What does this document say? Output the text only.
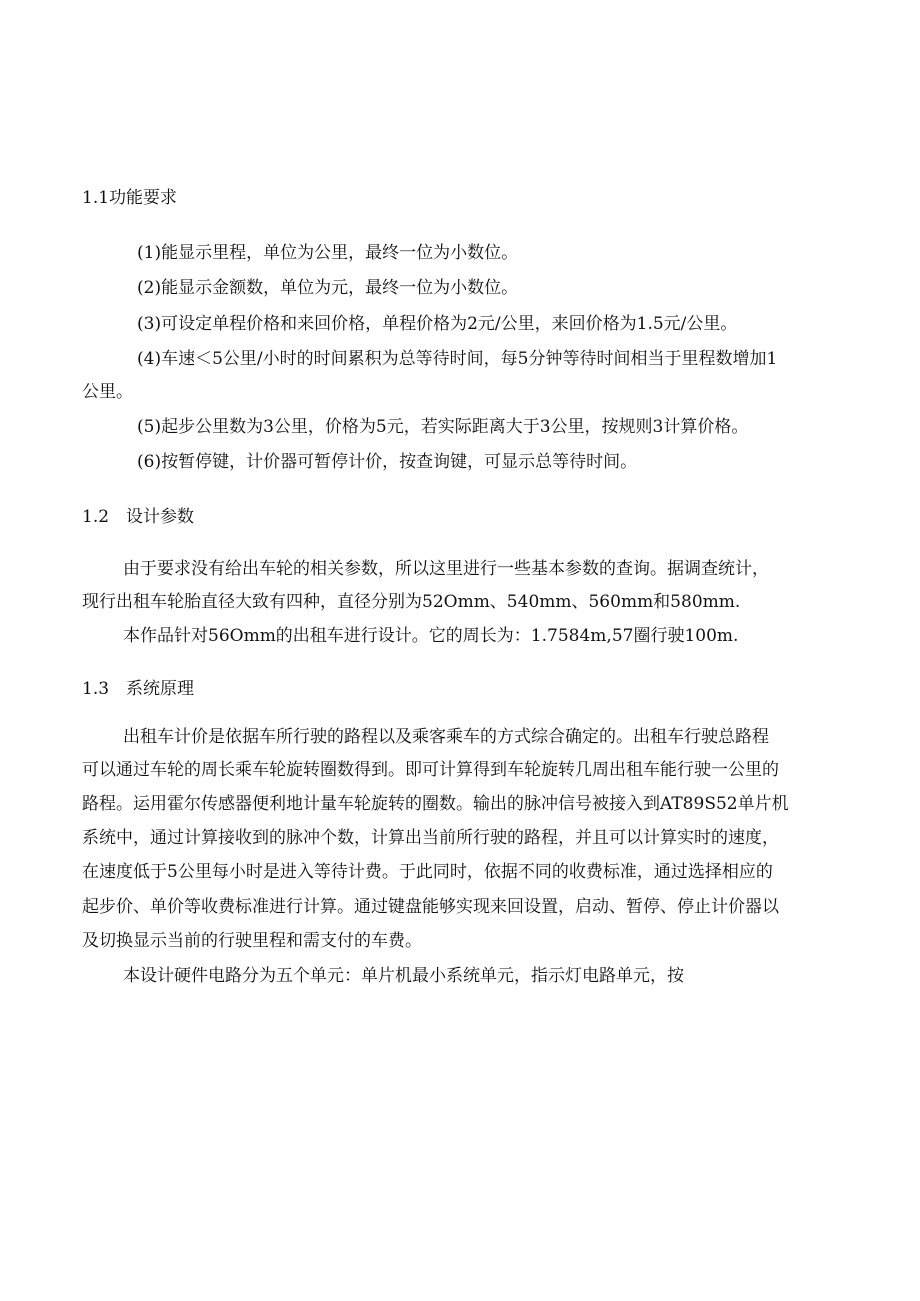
1.1功能要求
(1)能显示里程，单位为公里，最终一位为小数位。
(2)能显示金额数，单位为元，最终一位为小数位。
(3)可设定单程价格和来回价格，单程价格为2元/公里，来回价格为1.5元/公里。
(4)车速＜5公里/小时的时间累积为总等待时间，每5分钟等待时间相当于里程数增加1
公里。
(5)起步公里数为3公里，价格为5元，若实际距离大于3公里，按规则3计算价格。
(6)按暂停键，计价器可暂停计价，按查询键，可显示总等待时间。
1.2 设计参数
由于要求没有给出车轮的相关参数，所以这里进行一些基本参数的查询。据调查统计，
现行出租车轮胎直径大致有四种，直径分别为52Omm、540mm、560mm和580mm.
本作品针对56Omm的出租车进行设计。它的周长为：1.7584m,57圈行驶100m.
1.3 系统原理
出租车计价是依据车所行驶的路程以及乘客乘车的方式综合确定的。出租车行驶总路程
可以通过车轮的周长乘车轮旋转圈数得到。即可计算得到车轮旋转几周出租车能行驶一公里的
路程。运用霍尔传感器便利地计量车轮旋转的圈数。输出的脉冲信号被接入到AT89S52单片机
系统中，通过计算接收到的脉冲个数，计算出当前所行驶的路程，并且可以计算实时的速度，
在速度低于5公里每小时是进入等待计费。于此同时，依据不同的收费标准，通过选择相应的
起步价、单价等收费标准进行计算。通过键盘能够实现来回设置，启动、暂停、停止计价器以
及切换显示当前的行驶里程和需支付的车费。
本设计硬件电路分为五个单元：单片机最小系统单元，指示灯电路单元，按
